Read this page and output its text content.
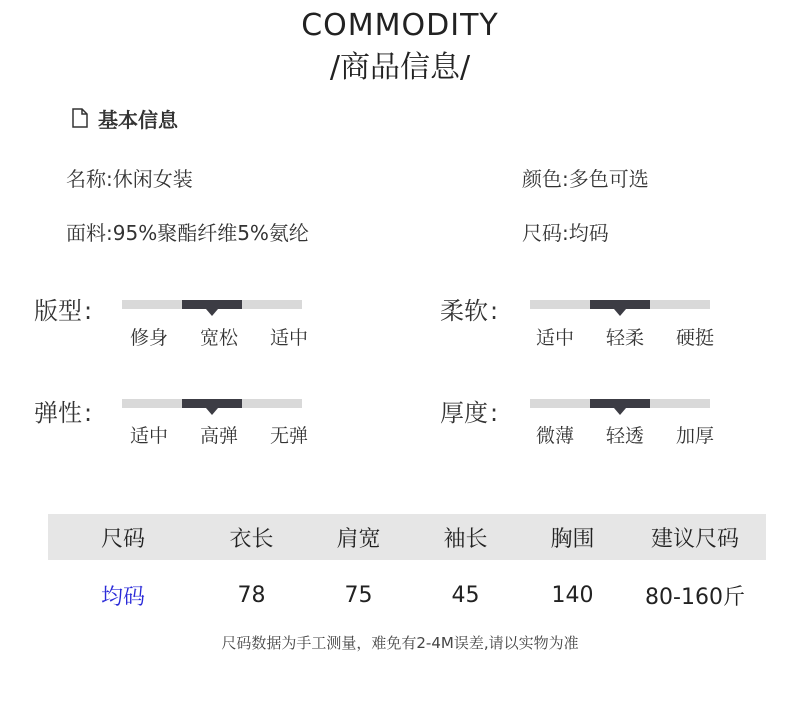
COMMODITY
/商品信息/
基本信息
名称 : 休闲女装	颜色 : 多色可选
面料 : 95%聚酯纤维5%氨纶	尺码 : 均码
版型 :
修身	宽松	适中
柔软 :
适中	轻柔	硬挺
弹性 :
适中	高弹	无弹
厚度 :
微薄	轻透	加厚
尺码	衣长	肩宽	袖长	胸围	建议尺码
均码	78	75	45	140	80-160斤
尺码数据为手工测量，难免有2-4M误差,请以实物为准
